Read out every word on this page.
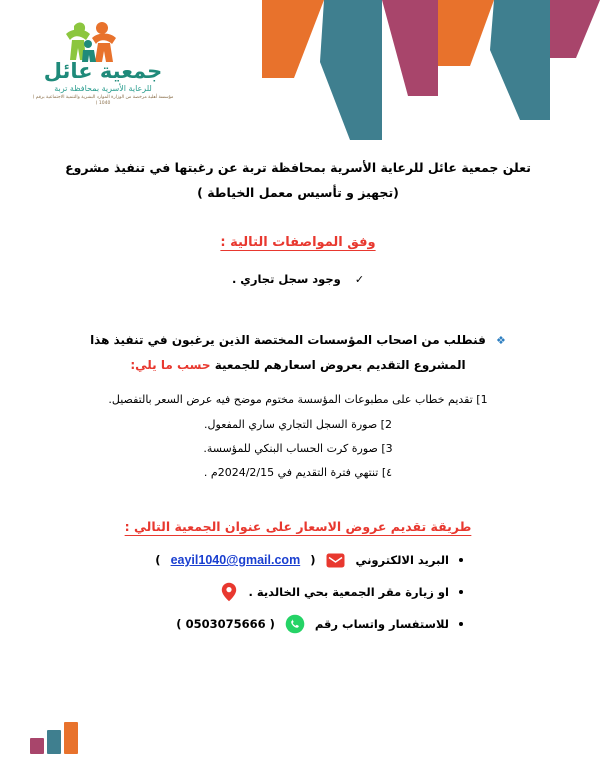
جمعية عائل
للرعاية الأسرية بمحافظة تربة
مؤسسة أهلية مرخصة من الوزارة الموارد البشرية والتنمية الاجتماعية برقم ( 1040 )

تعلن جمعية عائل للرعاية الأسرية بمحافظة تربة عن رغبتها في تنفيذ مشروع
(تجهيز و تأسيس معمل الخياطة )

وفق المواصفات التالية :
✓ وجود سجل تجاري .
❖ فنطلب من اصحاب المؤسسات المختصة الذين يرغبون في تنفيذ هذا
المشروع التقديم بعروض اسعارهم للجمعية حسب ما يلي:
1] تقديم خطاب على مطبوعات المؤسسة مختوم موضح فيه عرض السعر بالتفصيل.
2] صورة السجل التجاري ساري المفعول.
3] صورة كرت الحساب البنكي للمؤسسة.
٤] تنتهي فترة التقديم في 2024/2/15م .
طريقة تقديم عروض الاسعار على عنوان الجمعية التالي :
البريد الالكتروني
(
eayil1040@gmail.com
)
او زيارة مقر الجمعية بحي الخالدية .
للاستفسار واتساب رقم
( 0503075666 )
